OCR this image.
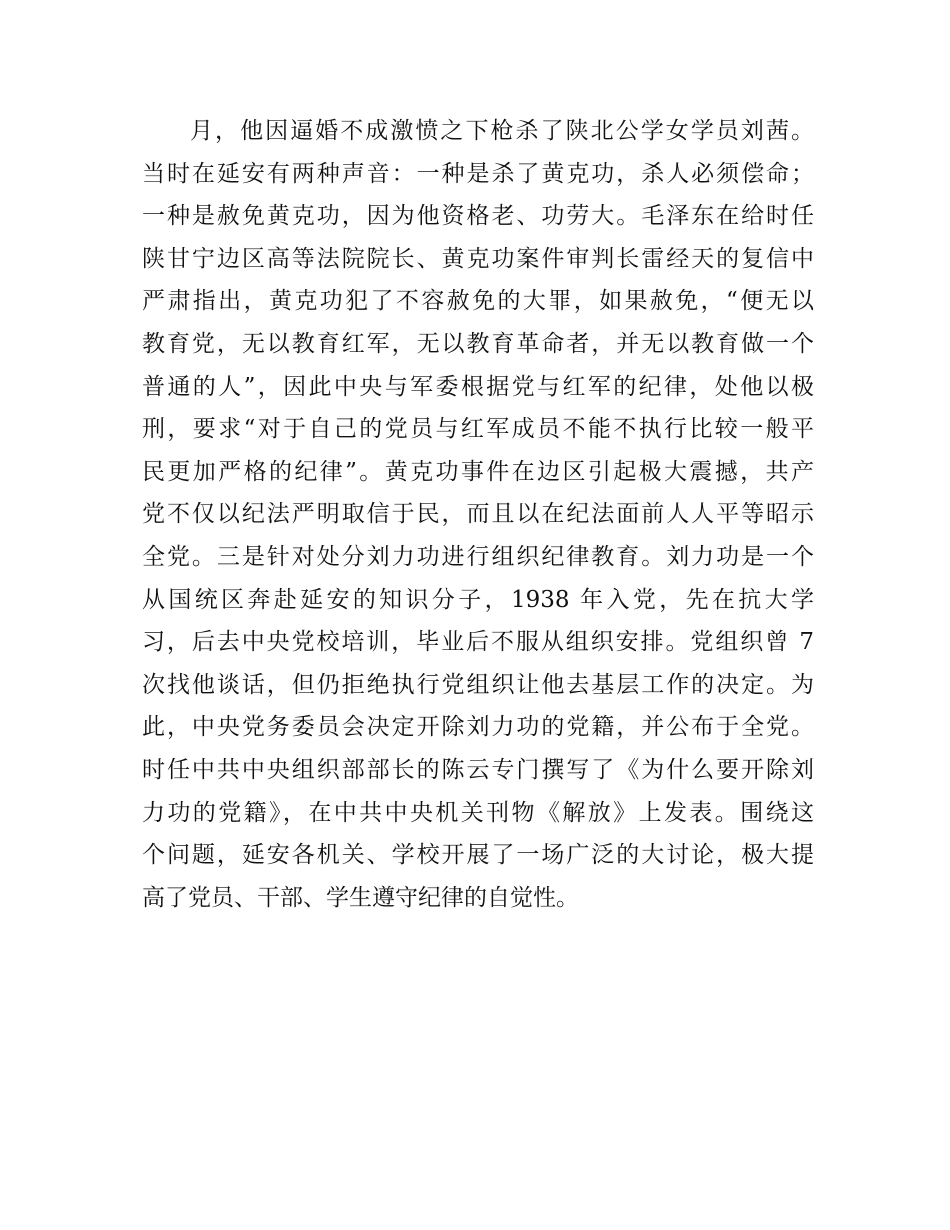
月，他因逼婚不成激愤之下枪杀了陕北公学女学员刘茜。
当时在延安有两种声音：一种是杀了黄克功，杀人必须偿命；
一种是赦免黄克功，因为他资格老、功劳大。毛泽东在给时任
陕甘宁边区高等法院院长、黄克功案件审判长雷经天的复信中
严肃指出，黄克功犯了不容赦免的大罪，如果赦免，“便无以
教育党，无以教育红军，无以教育革命者，并无以教育做一个
普通的人”，因此中央与军委根据党与红军的纪律，处他以极
刑，要求“对于自己的党员与红军成员不能不执行比较一般平
民更加严格的纪律”。黄克功事件在边区引起极大震撼，共产
党不仅以纪法严明取信于民，而且以在纪法面前人人平等昭示
全党。三是针对处分刘力功进行组织纪律教育。刘力功是一个
从国统区奔赴延安的知识分子，1938 年入党，先在抗大学
习，后去中央党校培训，毕业后不服从组织安排。党组织曾 7
次找他谈话，但仍拒绝执行党组织让他去基层工作的决定。为
此，中央党务委员会决定开除刘力功的党籍，并公布于全党。
时任中共中央组织部部长的陈云专门撰写了《为什么要开除刘
力功的党籍》，在中共中央机关刊物《解放》上发表。围绕这
个问题，延安各机关、学校开展了一场广泛的大讨论，极大提
高了党员、干部、学生遵守纪律的自觉性。
